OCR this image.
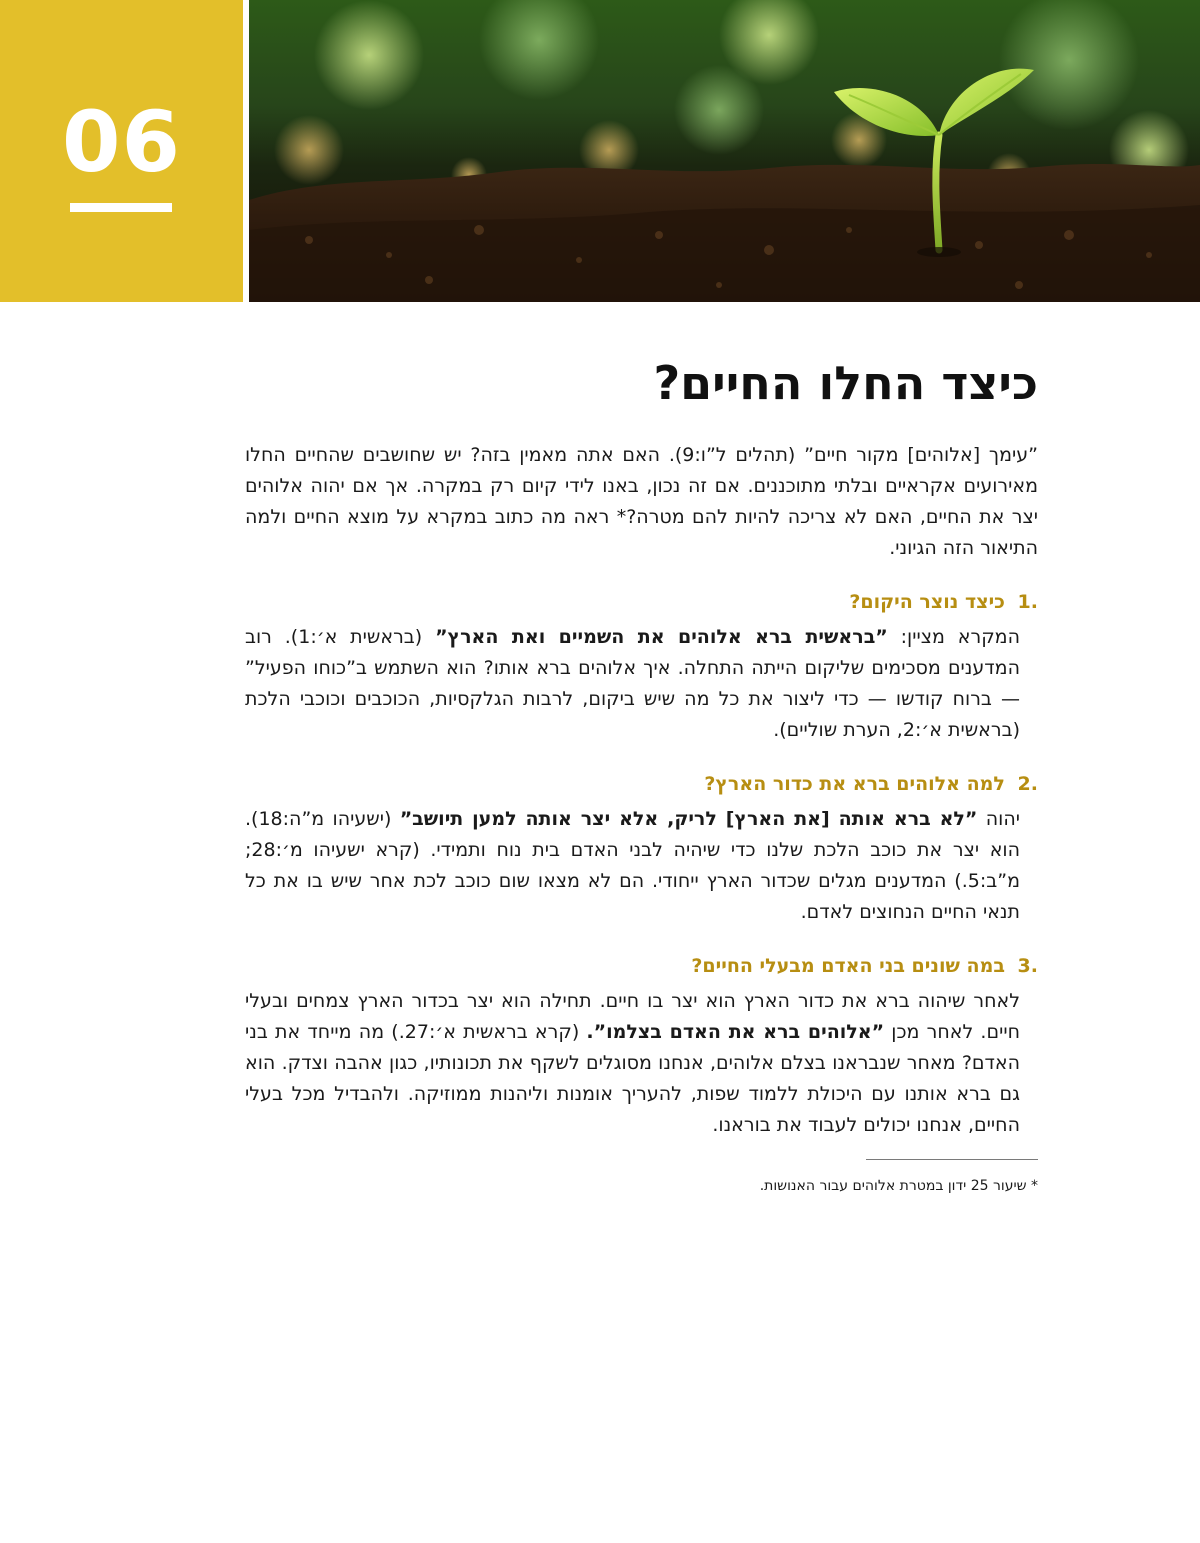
06
כיצד החלו החיים?

”עימך [אלוהים] מקור חיים” (תהלים ל”ו:9). האם אתה מאמין בזה? יש שחושבים שהחיים החלו מאירועים אקראיים ובלתי מתוכננים. אם זה נכון, באנו לידי קיום רק במקרה. אך אם יהוה אלוהים יצר את החיים, האם לא צריכה להיות להם מטרה?* ראה מה כתוב במקרא על מוצא החיים ולמה התיאור הזה הגיוני.

1. כיצד נוצר היקום?

המקרא מציין: ”בראשית ברא אלוהים את השמיים ואת הארץ” (בראשית א׳:1). רוב המדענים מסכימים שליקום הייתה התחלה. איך אלוהים ברא אותו? הוא השתמש ב”כוחו הפעיל” — ברוח קודשו — כדי ליצור את כל מה שיש ביקום, לרבות הגלקסיות, הכוכבים וכוכבי הלכת (בראשית א׳:2, הערת שוליים).

2. למה אלוהים ברא את כדור הארץ?

יהוה ”לא ברא אותה [את הארץ] לריק, אלא יצר אותה למען תיושב” (ישעיהו מ”ה:18). הוא יצר את כוכב הלכת שלנו כדי שיהיה לבני האדם בית נוח ותמידי. (קרא ישעיהו מ׳:28; מ”ב:5.) המדענים מגלים שכדור הארץ ייחודי. הם לא מצאו שום כוכב לכת אחר שיש בו את כל תנאי החיים הנחוצים לאדם.

3. במה שונים בני האדם מבעלי החיים?

לאחר שיהוה ברא את כדור הארץ הוא יצר בו חיים. תחילה הוא יצר בכדור הארץ צמחים ובעלי חיים. לאחר מכן ”אלוהים ברא את האדם בצלמו”. (קרא בראשית א׳:27.) מה מייחד את בני האדם? מאחר שנבראנו בצלם אלוהים, אנחנו מסוגלים לשקף את תכונותיו, כגון אהבה וצדק. הוא גם ברא אותנו עם היכולת ללמוד שפות, להעריך אומנות וליהנות ממוזיקה. ולהבדיל מכל בעלי החיים, אנחנו יכולים לעבוד את בוראנו.

* שיעור 25 ידון במטרת אלוהים עבור האנושות.
